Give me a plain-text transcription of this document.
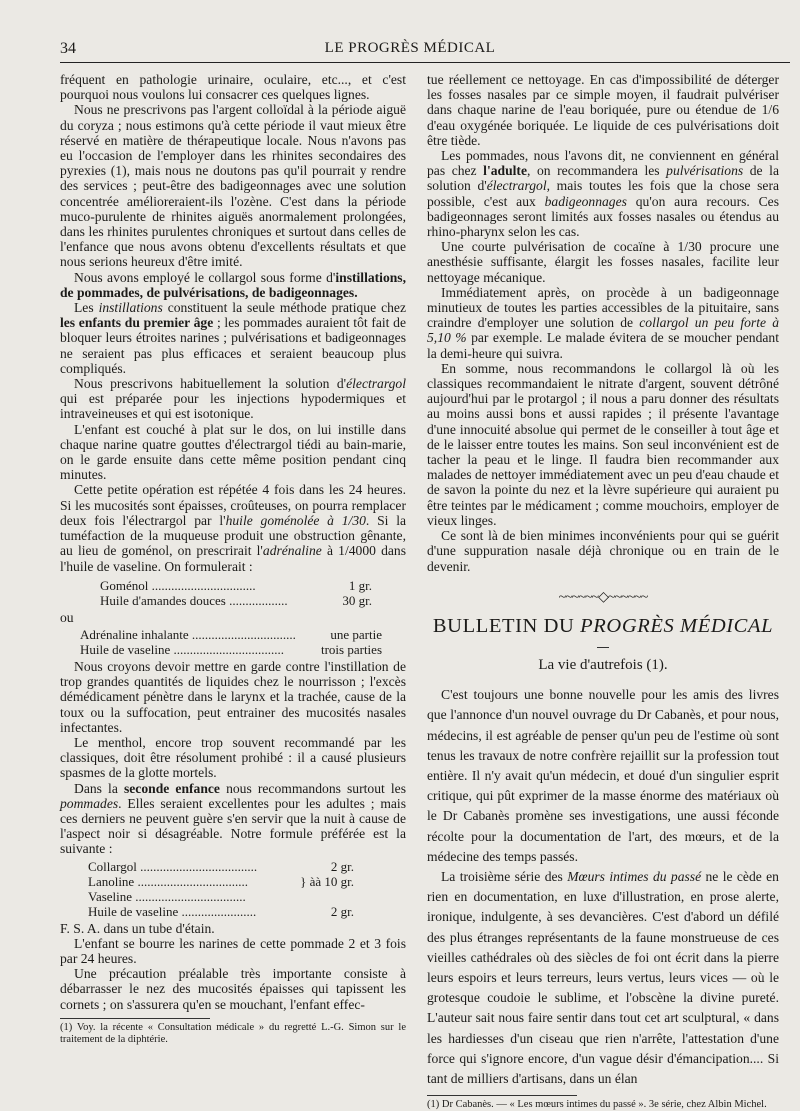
34	LE PROGRÈS MÉDICAL

fréquent en pathologie urinaire, oculaire, etc..., et c'est pourquoi nous voulons lui consacrer ces quelques lignes.

Nous ne prescrivons pas l'argent colloïdal à la période aiguë du coryza ; nous estimons qu'à cette période il vaut mieux être réservé en matière de thérapeutique locale. Nous n'avons pas eu l'occasion de l'employer dans les rhinites secondaires des pyrexies (1), mais nous ne doutons pas qu'il pourrait y rendre des services ; peut-être des badigeonnages avec une solution concentrée amélioreraient-ils l'ozène. C'est dans la période muco-purulente de rhinites aiguës anormalement prolongées, dans les rhinites purulentes chroniques et surtout dans celles de l'enfance que nous avons obtenu d'excellents résultats et que nous serions heureux d'être imité.

Nous avons employé le collargol sous forme d'instillations, de pommades, de pulvérisations, de badigeonnages.

Les instillations constituent la seule méthode pratique chez les enfants du premier âge ; les pommades auraient tôt fait de bloquer leurs étroites narines ; pulvérisations et badigeonnages ne seraient pas plus efficaces et seraient beaucoup plus compliqués.

Nous prescrivons habituellement la solution d'électrargol qui est préparée pour les injections hypodermiques et intraveineuses et qui est isotonique.

L'enfant est couché à plat sur le dos, on lui instille dans chaque narine quatre gouttes d'électrargol tiédi au bain-marie, on le garde ensuite dans cette même position pendant cinq minutes.

Cette petite opération est répétée 4 fois dans les 24 heures. Si les mucosités sont épaisses, croûteuses, on pourra remplacer deux fois l'électrargol par l'huile goménolée à 1/30. Si la tuméfaction de la muqueuse produit une obstruction gênante, au lieu de goménol, on prescrirait l'adrénaline à 1/4000 dans l'huile de vaseline. On formulerait :

Goménol ................................	1 gr.
Huile d'amandes douces ..................	30 gr.

ou

Adrénaline inhalante ................................	une partie
Huile de vaseline ..................................	trois parties

Nous croyons devoir mettre en garde contre l'instillation de trop grandes quantités de liquides chez le nourrisson ; l'excès démédicament pénètre dans le larynx et la trachée, cause de la toux ou la suffocation, peut entrainer des mucosités nasales infectantes.

Le menthol, encore trop souvent recommandé par les classiques, doit être résolument prohibé : il a causé plusieurs spasmes de la glotte mortels.

Dans la seconde enfance nous recommandons surtout les pommades. Elles seraient excellentes pour les adultes ; mais ces derniers ne peuvent guère s'en servir que la nuit à cause de l'aspect noir si désagréable. Notre formule préférée est la suivante :

Collargol ....................................	2 gr.
Lanoline ..................................	} àà 10 gr.
Vaseline ..................................
Huile de vaseline .......................	2 gr.

F. S. A. dans un tube d'étain.

L'enfant se bourre les narines de cette pommade 2 et 3 fois par 24 heures.

Une précaution préalable très importante consiste à débarrasser le nez des mucosités épaisses qui tapissent les cornets ; on s'assurera qu'en se mouchant, l'enfant effec-

(1) Voy. la récente « Consultation médicale » du regretté L.-G. Simon sur le traitement de la diphtérie.

tue réellement ce nettoyage. En cas d'impossibilité de déterger les fosses nasales par ce simple moyen, il faudrait pulvériser dans chaque narine de l'eau boriquée, pure ou étendue de 1/6 d'eau oxygénée boriquée. Le liquide de ces pulvérisations doit être tiède.

Les pommades, nous l'avons dit, ne conviennent en général pas chez l'adulte, on recommandera les pulvérisations de la solution d'électrargol, mais toutes les fois que la chose sera possible, c'est aux badigeonnages qu'on aura recours. Ces badigeonnages seront limités aux fosses nasales ou étendus au rhino-pharynx selon les cas.

Une courte pulvérisation de cocaïne à 1/30 procure une anesthésie suffisante, élargit les fosses nasales, facilite leur nettoyage mécanique.

Immédiatement après, on procède à un badigeonnage minutieux de toutes les parties accessibles de la pituitaire, sans craindre d'employer une solution de collargol un peu forte à 5,10 % par exemple. Le malade évitera de se moucher pendant la demi-heure qui suivra.

En somme, nous recommandons le collargol là où les classiques recommandaient le nitrate d'argent, souvent détrôné aujourd'hui par le protargol ; il nous a paru donner des résultats au moins aussi bons et aussi rapides ; il présente l'avantage d'une innocuité absolue qui permet de le conseiller à tout âge et de le laisser entre toutes les mains. Son seul inconvénient est de tacher la peau et le linge. Il faudra bien recommander aux malades de nettoyer immédiatement avec un peu d'eau chaude et de savon la pointe du nez et la lèvre supérieure qui auraient pu être teintes par le médicament ; comme mouchoirs, employer de vieux linges.

Ce sont là de bien minimes inconvénients pour qui se guérit d'une suppuration nasale déjà chronique ou en train de le devenir.

~~~~~~◇~~~~~~
BULLETIN DU PROGRÈS MÉDICAL
La vie d'autrefois (1).

C'est toujours une bonne nouvelle pour les amis des livres que l'annonce d'un nouvel ouvrage du Dr Cabanès, et pour nous, médecins, il est agréable de penser qu'un peu de l'estime où sont tenus les travaux de notre confrère rejaillit sur la profession tout entière. Il n'y avait qu'un médecin, et doué d'un singulier esprit critique, qui pût exprimer de la masse énorme des matériaux où le Dr Cabanès promène ses investigations, une aussi féconde récolte pour la documentation de l'art, des mœurs, et de la médecine des temps passés.

La troisième série des Mœurs intimes du passé ne le cède en rien en documentation, en luxe d'illustration, en prose alerte, ironique, indulgente, à ses devancières. C'est d'abord un défilé des plus étranges représentants de la faune monstrueuse de ces vieilles cathédrales où des siècles de foi ont écrit dans la pierre leurs espoirs et leurs terreurs, leurs vertus, leurs vices — où le grotesque coudoie le sublime, et l'obscène la divine pureté. L'auteur sait nous faire sentir dans tout cet art sculptural, « dans les hardiesses d'un ciseau que rien n'arrête, l'attestation d'une force qui s'ignore encore, d'un vague désir d'émancipation.... Si tant de milliers d'artisans, dans un élan

(1) Dr Cabanès. — « Les mœurs intimes du passé ». 3e série, chez Albin Michel.
